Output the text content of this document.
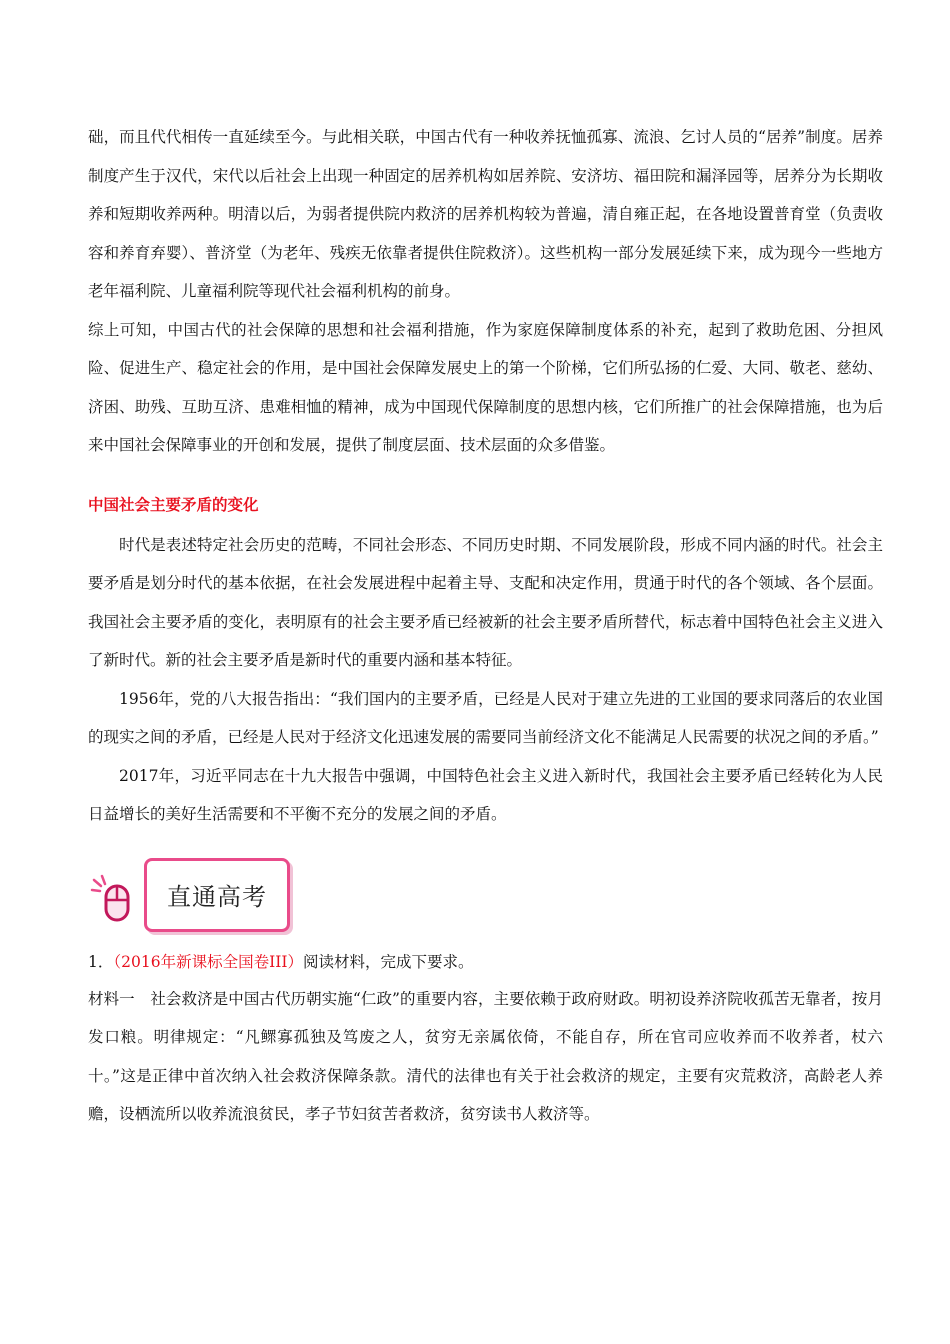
础，而且代代相传一直延续至今。与此相关联，中国古代有一种收养抚恤孤寡、流浪、乞讨人员的“居养”制度。居养制度产生于汉代，宋代以后社会上出现一种固定的居养机构如居养院、安济坊、福田院和漏泽园等，居养分为长期收养和短期收养两种。明清以后，为弱者提供院内救济的居养机构较为普遍，清自雍正起，在各地设置普育堂（负责收容和养育弃婴）、普济堂（为老年、残疾无依靠者提供住院救济）。这些机构一部分发展延续下来，成为现今一些地方老年福利院、儿童福利院等现代社会福利机构的前身。

综上可知，中国古代的社会保障的思想和社会福利措施，作为家庭保障制度体系的补充，起到了救助危困、分担风险、促进生产、稳定社会的作用，是中国社会保障发展史上的第一个阶梯，它们所弘扬的仁爱、大同、敬老、慈幼、济困、助残、互助互济、患难相恤的精神，成为中国现代保障制度的思想内核，它们所推广的社会保障措施，也为后来中国社会保障事业的开创和发展，提供了制度层面、技术层面的众多借鉴。

中国社会主要矛盾的变化

时代是表述特定社会历史的范畴，不同社会形态、不同历史时期、不同发展阶段，形成不同内涵的时代。社会主要矛盾是划分时代的基本依据，在社会发展进程中起着主导、支配和决定作用，贯通于时代的各个领域、各个层面。我国社会主要矛盾的变化，表明原有的社会主要矛盾已经被新的社会主要矛盾所替代，标志着中国特色社会主义进入了新时代。新的社会主要矛盾是新时代的重要内涵和基本特征。

1956年，党的八大报告指出：“我们国内的主要矛盾，已经是人民对于建立先进的工业国的要求同落后的农业国的现实之间的矛盾，已经是人民对于经济文化迅速发展的需要同当前经济文化不能满足人民需要的状况之间的矛盾。”

2017年，习近平同志在十九大报告中强调，中国特色社会主义进入新时代，我国社会主要矛盾已经转化为人民日益增长的美好生活需要和不平衡不充分的发展之间的矛盾。

直通高考

1．（2016年新课标全国卷III）阅读材料，完成下要求。

材料一　社会救济是中国古代历朝实施“仁政”的重要内容，主要依赖于政府财政。明初设养济院收孤苦无靠者，按月发口粮。明律规定：“凡鳏寡孤独及笃废之人，贫穷无亲属依倚，不能自存，所在官司应收养而不收养者，杖六十。”这是正律中首次纳入社会救济保障条款。清代的法律也有关于社会救济的规定，主要有灾荒救济，高龄老人养赡，设栖流所以收养流浪贫民，孝子节妇贫苦者救济，贫穷读书人救济等。
